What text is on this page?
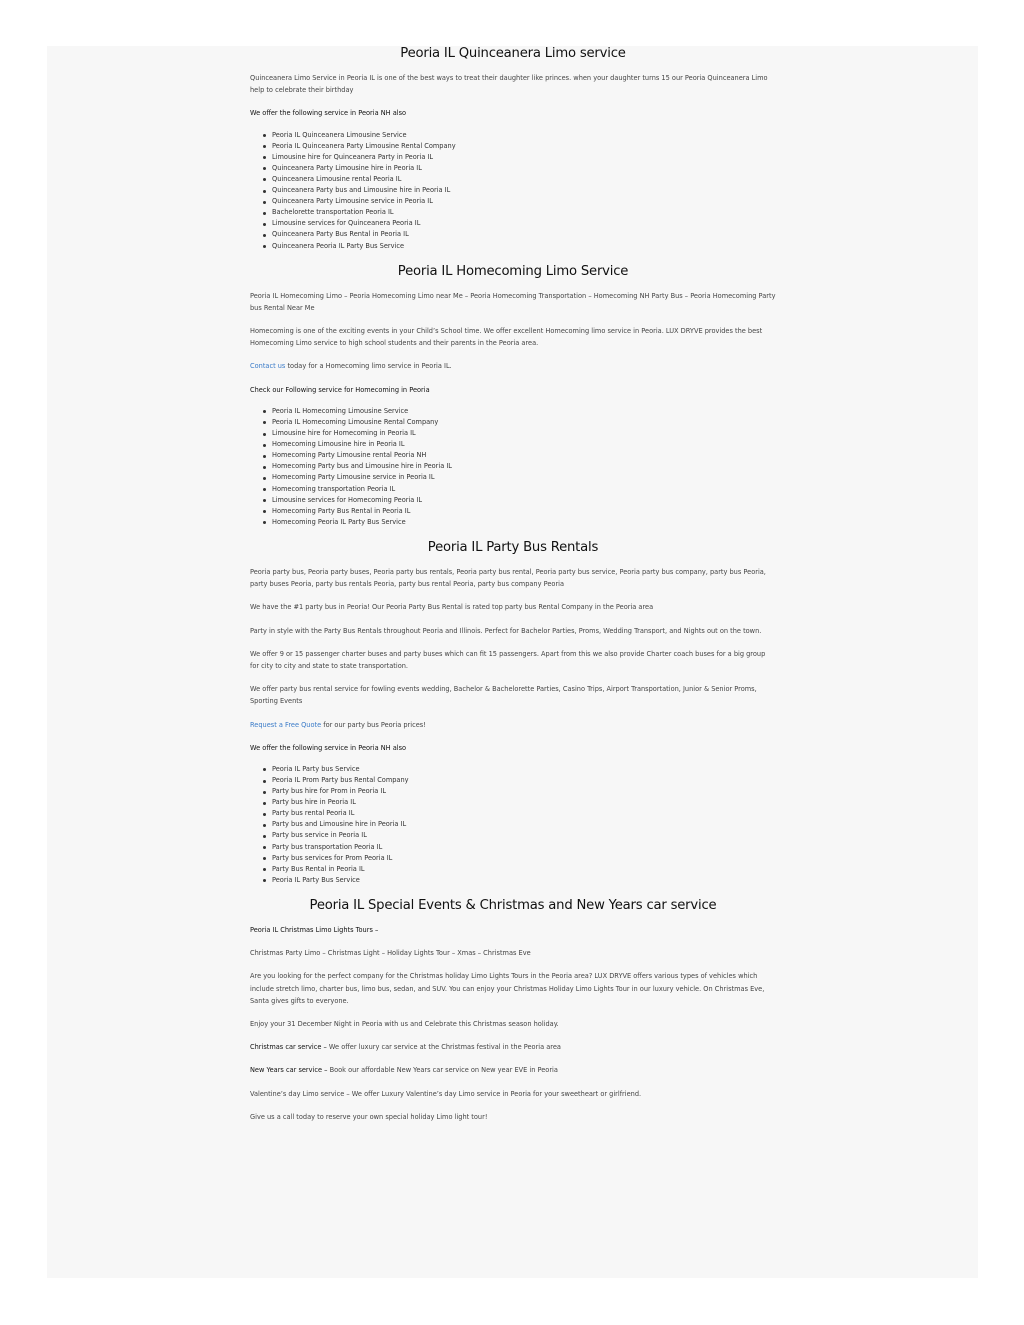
Peoria IL Quinceanera Limo service

Quinceanera Limo Service in Peoria IL is one of the best ways to treat their daughter like princes. when your daughter turns 15 our Peoria Quinceanera Limo help to celebrate their birthday

We offer the following service in Peoria NH also

Peoria IL Quinceanera Limousine Service
Peoria IL Quinceanera Party Limousine Rental Company
Limousine hire for Quinceanera Party in Peoria IL
Quinceanera Party Limousine hire in Peoria IL
Quinceanera Limousine rental Peoria IL
Quinceanera Party bus and Limousine hire in Peoria IL
Quinceanera Party Limousine service in Peoria IL
Bachelorette transportation Peoria IL
Limousine services for Quinceanera Peoria IL
Quinceanera Party Bus Rental in Peoria IL
Quinceanera Peoria IL Party Bus Service
Peoria IL Homecoming Limo Service

Peoria IL Homecoming Limo – Peoria Homecoming Limo near Me – Peoria Homecoming Transportation – Homecoming NH Party Bus – Peoria Homecoming Party bus Rental Near Me

Homecoming is one of the exciting events in your Child’s School time. We offer excellent Homecoming limo service in Peoria. LUX DRYVE provides the best Homecoming Limo service to high school students and their parents in the Peoria area.

Contact us today for a Homecoming limo service in Peoria IL.

Check our Following service for Homecoming in Peoria

Peoria IL Homecoming Limousine Service
Peoria IL Homecoming Limousine Rental Company
Limousine hire for Homecoming in Peoria IL
Homecoming Limousine hire in Peoria IL
Homecoming Party Limousine rental Peoria NH
Homecoming Party bus and Limousine hire in Peoria IL
Homecoming Party Limousine service in Peoria IL
Homecoming transportation Peoria IL
Limousine services for Homecoming Peoria IL
Homecoming Party Bus Rental in Peoria IL
Homecoming Peoria IL Party Bus Service
Peoria IL Party Bus Rentals

Peoria party bus, Peoria party buses, Peoria party bus rentals, Peoria party bus rental, Peoria party bus service, Peoria party bus company, party bus Peoria, party buses Peoria, party bus rentals Peoria, party bus rental Peoria, party bus company Peoria

We have the #1 party bus in Peoria! Our Peoria Party Bus Rental is rated top party bus Rental Company in the Peoria area

Party in style with the Party Bus Rentals throughout Peoria and Illinois. Perfect for Bachelor Parties, Proms, Wedding Transport, and Nights out on the town.

We offer 9 or 15 passenger charter buses and party buses which can fit 15 passengers. Apart from this we also provide Charter coach buses for a big group for city to city and state to state transportation.

We offer party bus rental service for fowling events wedding, Bachelor & Bachelorette Parties, Casino Trips, Airport Transportation, Junior & Senior Proms, Sporting Events

Request a Free Quote for our party bus Peoria prices!

We offer the following service in Peoria NH also

Peoria IL Party bus Service
Peoria IL Prom Party bus Rental Company
Party bus hire for Prom in Peoria IL
Party bus hire in Peoria IL
Party bus rental Peoria IL
Party bus and Limousine hire in Peoria IL
Party bus service in Peoria IL
Party bus transportation Peoria IL
Party bus services for Prom Peoria IL
Party Bus Rental in Peoria IL
Peoria IL Party Bus Service
Peoria IL Special Events & Christmas and New Years car service

Peoria IL Christmas Limo Lights Tours –

Christmas Party Limo – Christmas Light – Holiday Lights Tour – Xmas – Christmas Eve

Are you looking for the perfect company for the Christmas holiday Limo Lights Tours in the Peoria area? LUX DRYVE offers various types of vehicles which include stretch limo, charter bus, limo bus, sedan, and SUV. You can enjoy your Christmas Holiday Limo Lights Tour in our luxury vehicle. On Christmas Eve, Santa gives gifts to everyone.

Enjoy your 31 December Night in Peoria with us and Celebrate this Christmas season holiday.

Christmas car service – We offer luxury car service at the Christmas festival in the Peoria area

New Years car service – Book our affordable New Years car service on New year EVE in Peoria

Valentine’s day Limo service – We offer Luxury Valentine’s day Limo service in Peoria for your sweetheart or girlfriend.

Give us a call today to reserve your own special holiday Limo light tour!
